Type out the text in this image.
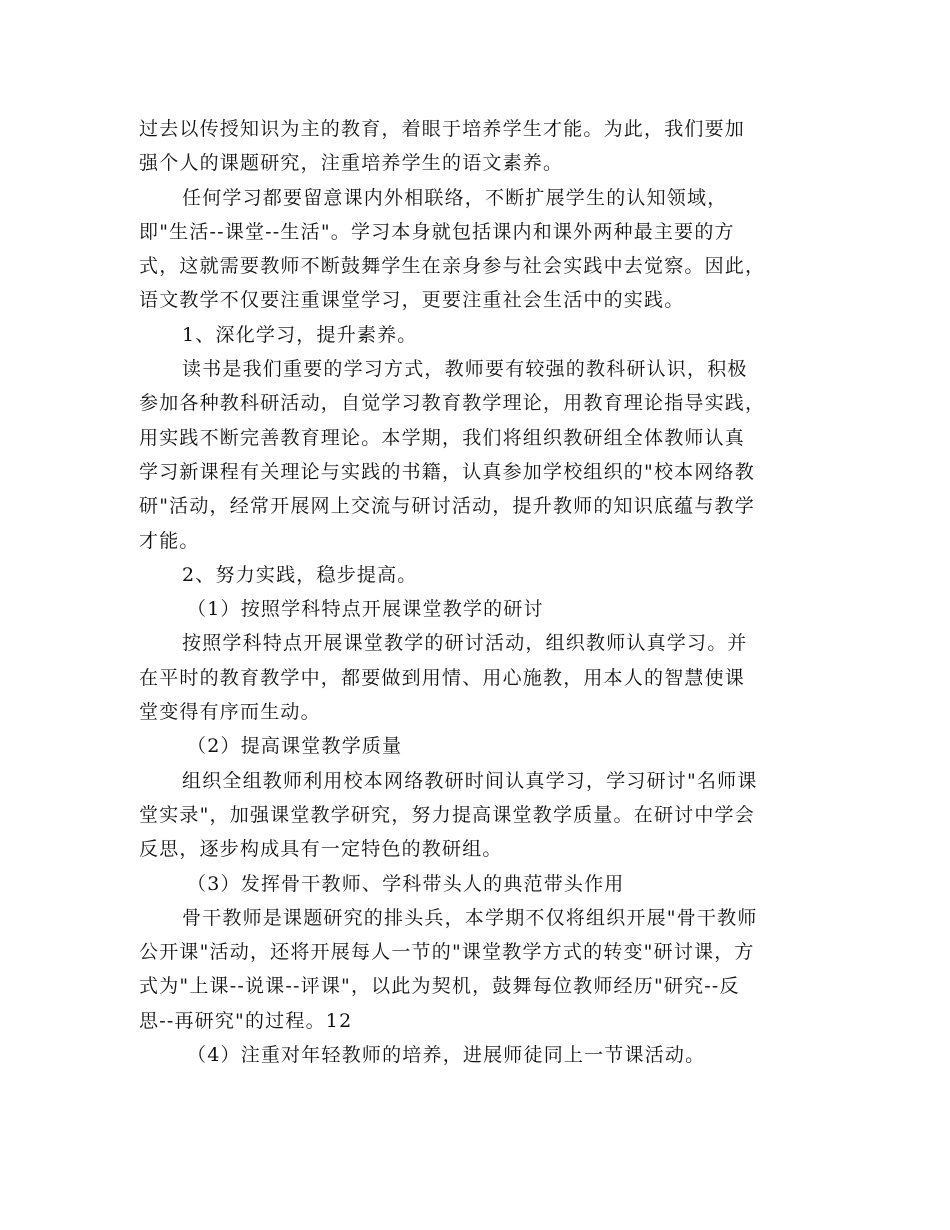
过去以传授知识为主的教育，着眼于培养学生才能。为此，我们要加
强个人的课题研究，注重培养学生的语文素养。
任何学习都要留意课内外相联络，不断扩展学生的认知领域，
即"生活--课堂--生活"。学习本身就包括课内和课外两种最主要的方
式，这就需要教师不断鼓舞学生在亲身参与社会实践中去觉察。因此，
语文教学不仅要注重课堂学习，更要注重社会生活中的实践。
1、深化学习，提升素养。
读书是我们重要的学习方式，教师要有较强的教科研认识，积极
参加各种教科研活动，自觉学习教育教学理论，用教育理论指导实践，
用实践不断完善教育理论。本学期，我们将组织教研组全体教师认真
学习新课程有关理论与实践的书籍，认真参加学校组织的"校本网络教
研"活动，经常开展网上交流与研讨活动，提升教师的知识底蕴与教学
才能。
2、努力实践，稳步提高。
（1）按照学科特点开展课堂教学的研讨
按照学科特点开展课堂教学的研讨活动，组织教师认真学习。并
在平时的教育教学中，都要做到用情、用心施教，用本人的智慧使课
堂变得有序而生动。
（2）提高课堂教学质量
组织全组教师利用校本网络教研时间认真学习，学习研讨"名师课
堂实录"，加强课堂教学研究，努力提高课堂教学质量。在研讨中学会
反思，逐步构成具有一定特色的教研组。
（3）发挥骨干教师、学科带头人的典范带头作用
骨干教师是课题研究的排头兵，本学期不仅将组织开展"骨干教师
公开课"活动，还将开展每人一节的"课堂教学方式的转变"研讨课，方
式为"上课--说课--评课"，以此为契机，鼓舞每位教师经历"研究--反
思--再研究"的过程。12
（4）注重对年轻教师的培养，进展师徒同上一节课活动。
